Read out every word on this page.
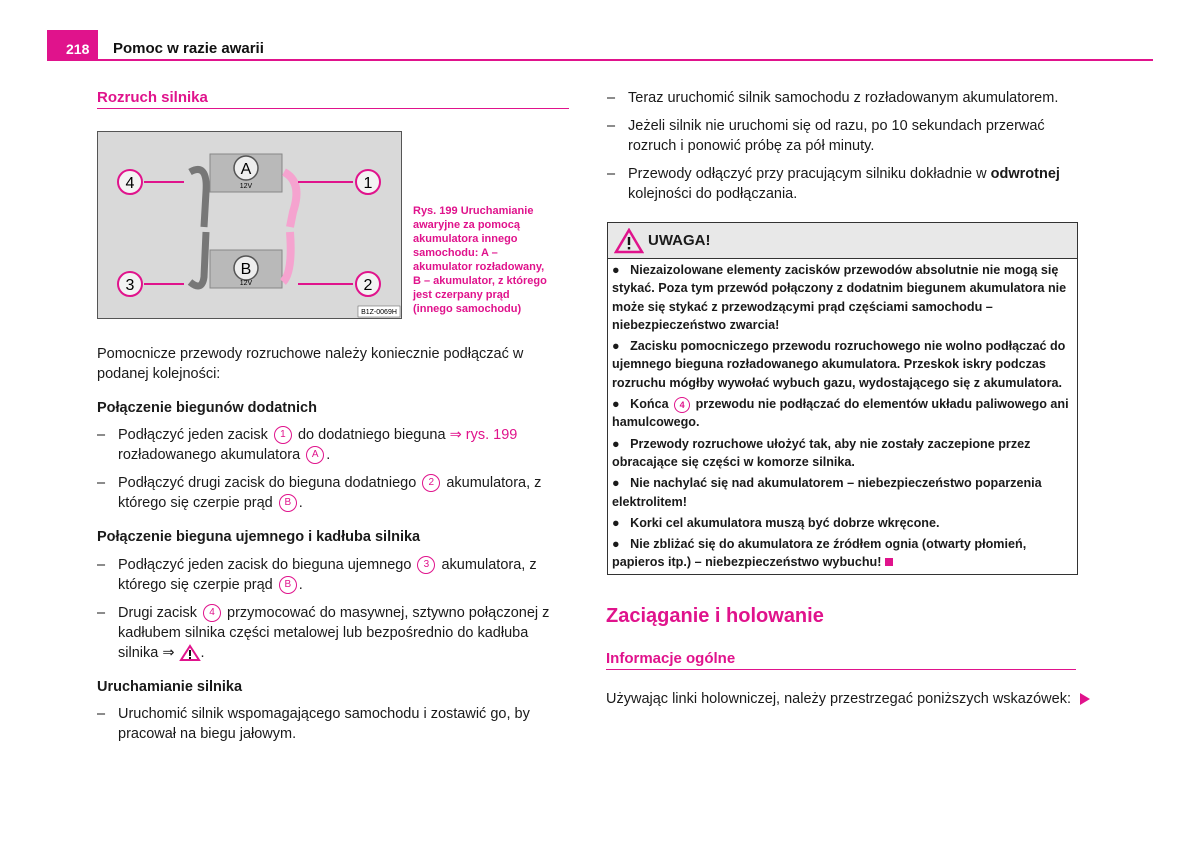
218 Pomoc w razie awarii
Rozruch silnika
A
B
12V
12V
4	1
3	2
B1Z-0069H
Rys. 199 Uruchamianie awaryjne za pomocą akumulatora innego samochodu: A – akumulator rozładowany, B – akumulator, z którego jest czerpany prąd (innego samochodu)
Pomocnicze przewody rozruchowe należy koniecznie podłączać w podanej kolejności:
Połączenie biegunów dodatnich
– Podłączyć jeden zacisk 1 do dodatniego bieguna ⇒ rys. 199 rozładowanego akumulatora A .
– Podłączyć drugi zacisk do bieguna dodatniego 2 akumulatora, z którego się czerpie prąd B .
Połączenie bieguna ujemnego i kadłuba silnika
– Podłączyć jeden zacisk do bieguna ujemnego 3 akumulatora, z którego się czerpie prąd B .
– Drugi zacisk 4 przymocować do masywnej, sztywno połączonej z kadłubem silnika części metalowej lub bezpośrednio do kadłuba silnika ⇒ .
Uruchamianie silnika
– Uruchomić silnik wspomagającego samochodu i zostawić go, by pracował na biegu jałowym.
– Teraz uruchomić silnik samochodu z rozładowanym akumulatorem.
– Jeżeli silnik nie uruchomi się od razu, po 10 sekundach przerwać rozruch i ponowić próbę za pół minuty.
– Przewody odłączyć przy pracującym silniku dokładnie w odwrotnej kolejności do podłączania.
UWAGA!
●   Niezaizolowane elementy zacisków przewodów absolutnie nie mogą się stykać. Poza tym przewód połączony z dodatnim biegunem akumulatora nie może się stykać z przewodzącymi prąd częściami samochodu – niebezpieczeństwo zwarcia!
●   Zacisku pomocniczego przewodu rozruchowego nie wolno podłączać do ujemnego bieguna rozładowanego akumulatora. Przeskok iskry podczas rozruchu mógłby wywołać wybuch gazu, wydostającego się z akumulatora.
●   Końca 4 przewodu nie podłączać do elementów układu paliwowego ani hamulcowego.
●   Przewody rozruchowe ułożyć tak, aby nie zostały zaczepione przez obracające się części w komorze silnika.
●   Nie nachylać się nad akumulatorem – niebezpieczeństwo poparzenia elektrolitem!
●   Korki cel akumulatora muszą być dobrze wkręcone.
●   Nie zbliżać się do akumulatora ze źródłem ognia (otwarty płomień, papieros itp.) – niebezpieczeństwo wybuchu!
Zaciąganie i holowanie
Informacje ogólne
Używając linki holowniczej, należy przestrzegać poniższych wskazówek:
